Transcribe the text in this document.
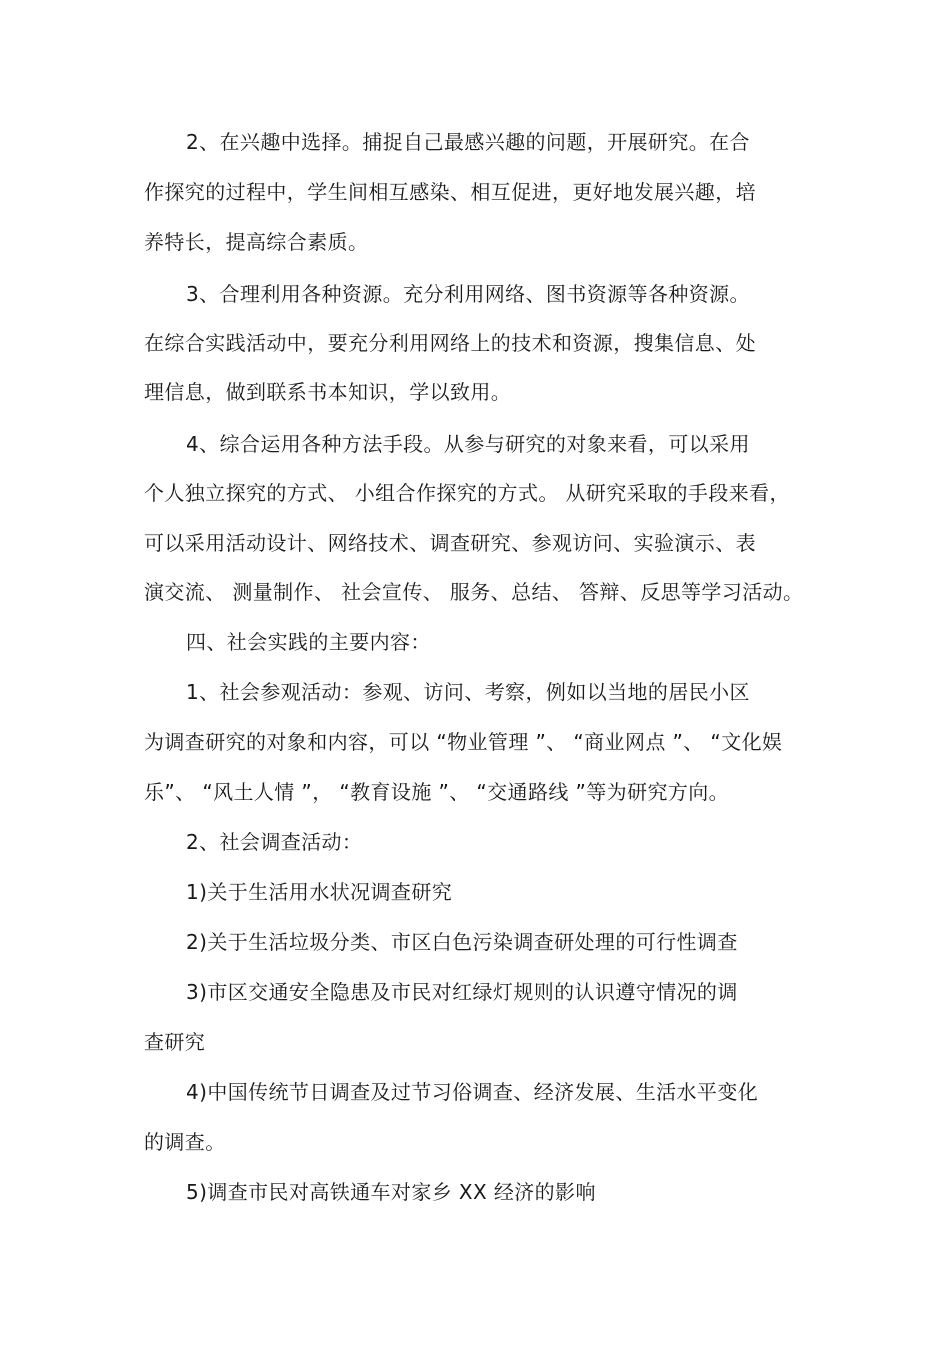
2、在兴趣中选择。捕捉自己最感兴趣的问题，开展研究。在合
作探究的过程中，学生间相互感染、相互促进，更好地发展兴趣，培
养特长，提高综合素质。
3、合理利用各种资源。充分利用网络、图书资源等各种资源。
在综合实践活动中，要充分利用网络上的技术和资源，搜集信息、处
理信息，做到联系书本知识，学以致用。
4、综合运用各种方法手段。从参与研究的对象来看，可以采用
个人独立探究的方式、 小组合作探究的方式。 从研究采取的手段来看，
可以采用活动设计、网络技术、调查研究、参观访问、实验演示、表
演交流、 测量制作、 社会宣传、 服务、总结、 答辩、反思等学习活动。
四、社会实践的主要内容：
1、社会参观活动：参观、访问、考察，例如以当地的居民小区
为调查研究的对象和内容，可以 “物业管理 ”、 “商业网点 ”、 “文化娱
乐”、 “风土人情 ”， “教育设施 ”、 “交通路线 ”等为研究方向。
2、社会调查活动：
1)关于生活用水状况调查研究
2)关于生活垃圾分类、市区白色污染调查研处理的可行性调查
3)市区交通安全隐患及市民对红绿灯规则的认识遵守情况的调
查研究
4)中国传统节日调查及过节习俗调查、经济发展、生活水平变化
的调查。
5)调查市民对高铁通车对家乡 XX 经济的影响
